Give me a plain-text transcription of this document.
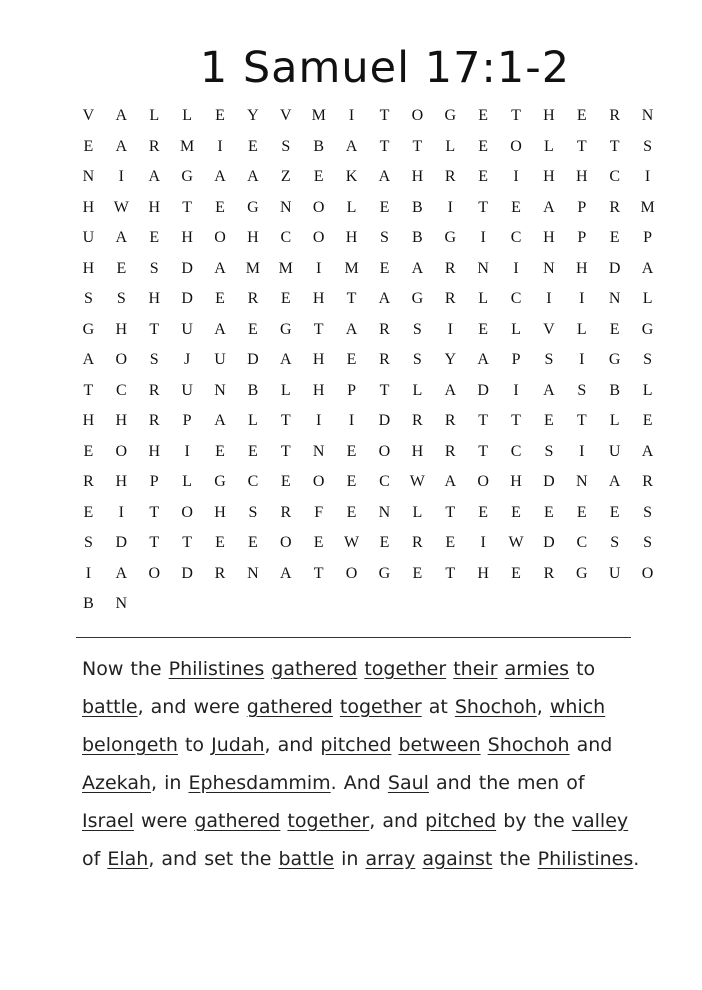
1 Samuel 17:1-2
V	A	L	L	E	Y	V	M	I	T	O	G	E	T	H	E	R	N
E	A	R	M	I	E	S	B	A	T	T	L	E	O	L	T	T	S
N	I	A	G	A	A	Z	E	K	A	H	R	E	I	H	H	C	I
H	W	H	T	E	G	N	O	L	E	B	I	T	E	A	P	R	M
U	A	E	H	O	H	C	O	H	S	B	G	I	C	H	P	E	P
H	E	S	D	A	M	M	I	M	E	A	R	N	I	N	H	D	A
S	S	H	D	E	R	E	H	T	A	G	R	L	C	I	I	N	L
G	H	T	U	A	E	G	T	A	R	S	I	E	L	V	L	E	G
A	O	S	J	U	D	A	H	E	R	S	Y	A	P	S	I	G	S
T	C	R	U	N	B	L	H	P	T	L	A	D	I	A	S	B	L
H	H	R	P	A	L	T	I	I	D	R	R	T	T	E	T	L	E
E	O	H	I	E	E	T	N	E	O	H	R	T	C	S	I	U	A
R	H	P	L	G	C	E	O	E	C	W	A	O	H	D	N	A	R
E	I	T	O	H	S	R	F	E	N	L	T	E	E	E	E	E	S
S	D	T	T	E	E	O	E	W	E	R	E	I	W	D	C	S	S
I	A	O	D	R	N	A	T	O	G	E	T	H	E	R	G	U	O
B	N
Now the Philistines gathered together their armies to battle, and were gathered together at Shochoh, which belongeth to Judah, and pitched between Shochoh and Azekah, in Ephesdammim. And Saul and the men of Israel were gathered together, and pitched by the valley of Elah, and set the battle in array against the Philistines.
